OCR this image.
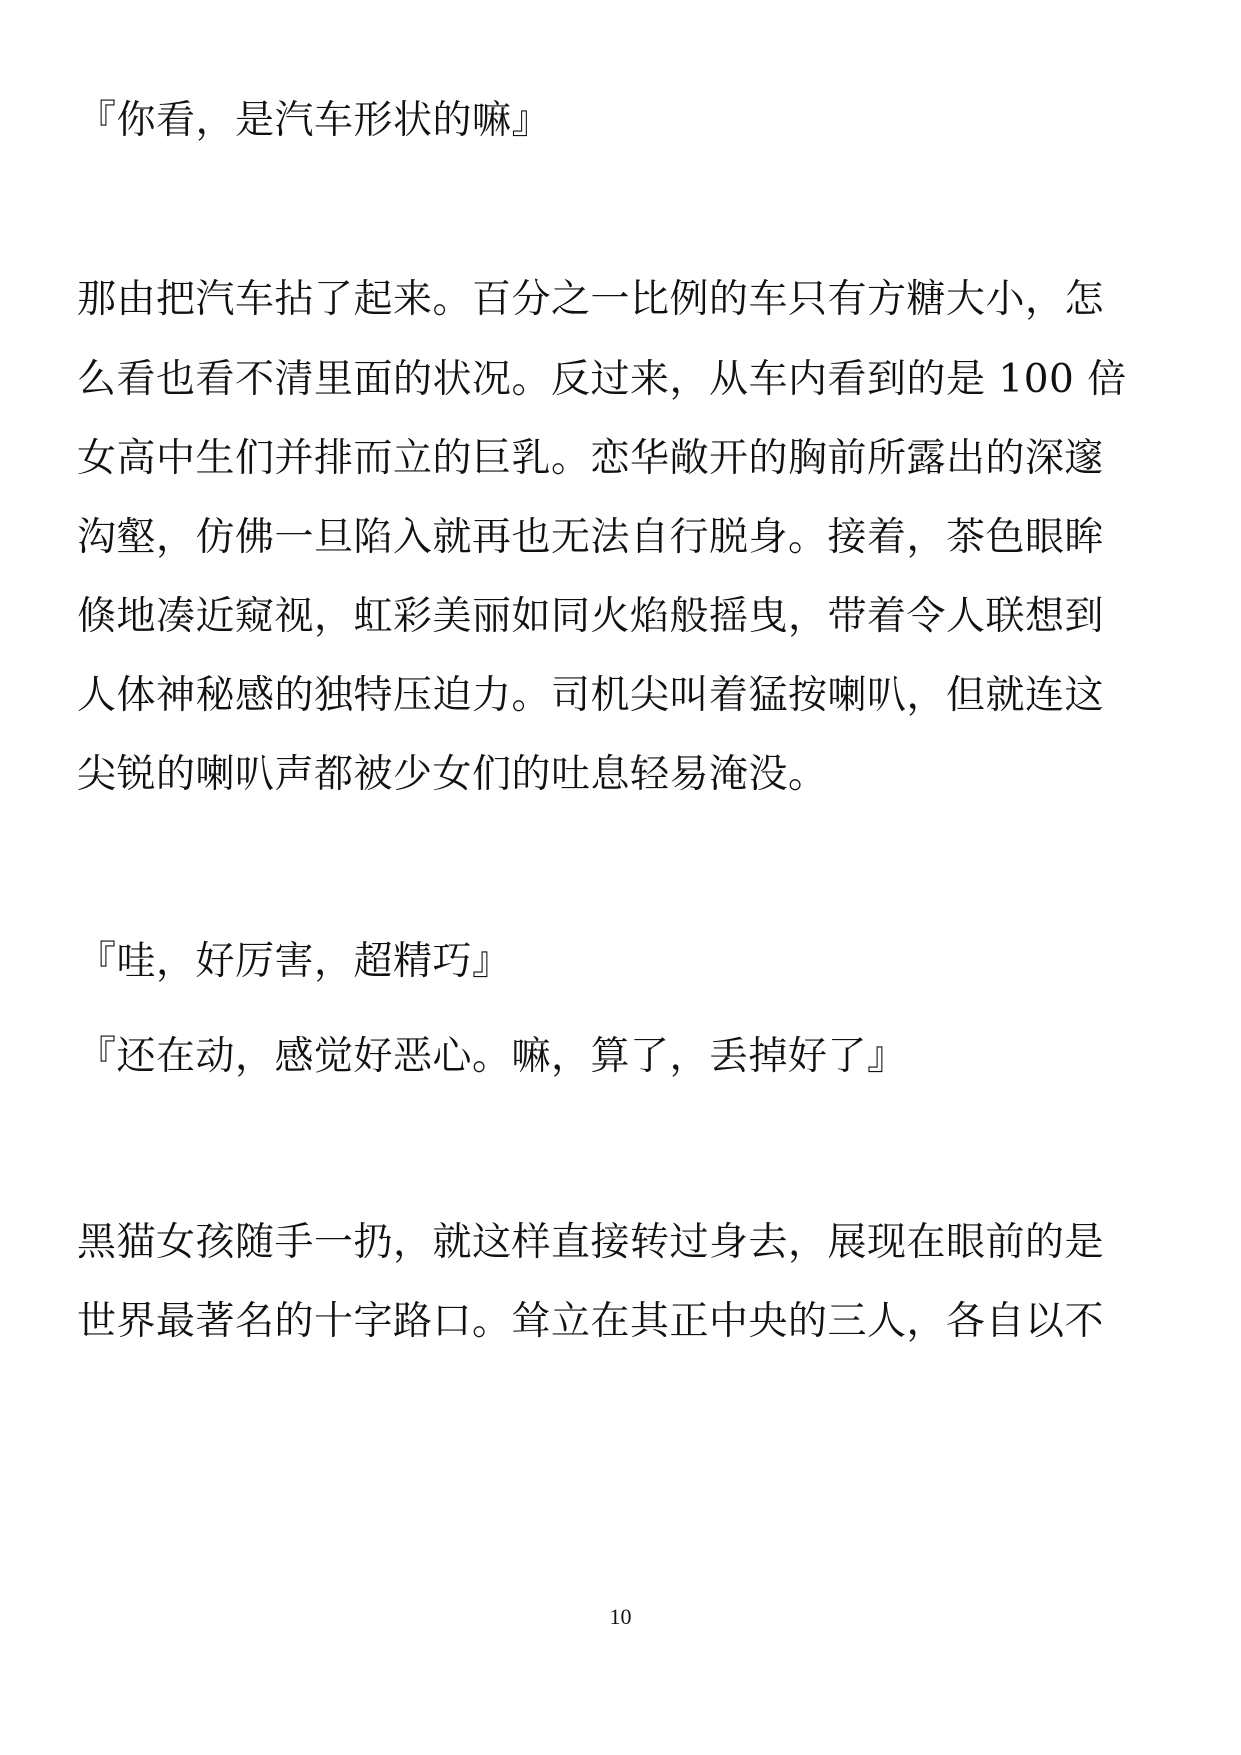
『你看，是汽车形状的嘛』
那由把汽车拈了起来。百分之一比例的车只有方糖大小，怎
么看也看不清里面的状况。反过来，从车内看到的是 100 倍
女高中生们并排而立的巨乳。恋华敞开的胸前所露出的深邃
沟壑，仿佛一旦陷入就再也无法自行脱身。接着，茶色眼眸
倏地凑近窥视，虹彩美丽如同火焰般摇曳，带着令人联想到
人体神秘感的独特压迫力。司机尖叫着猛按喇叭，但就连这
尖锐的喇叭声都被少女们的吐息轻易淹没。
『哇，好厉害，超精巧』
『还在动，感觉好恶心。嘛，算了，丢掉好了』
黑猫女孩随手一扔，就这样直接转过身去，展现在眼前的是
世界最著名的十字路口。耸立在其正中央的三人，各自以不
10
